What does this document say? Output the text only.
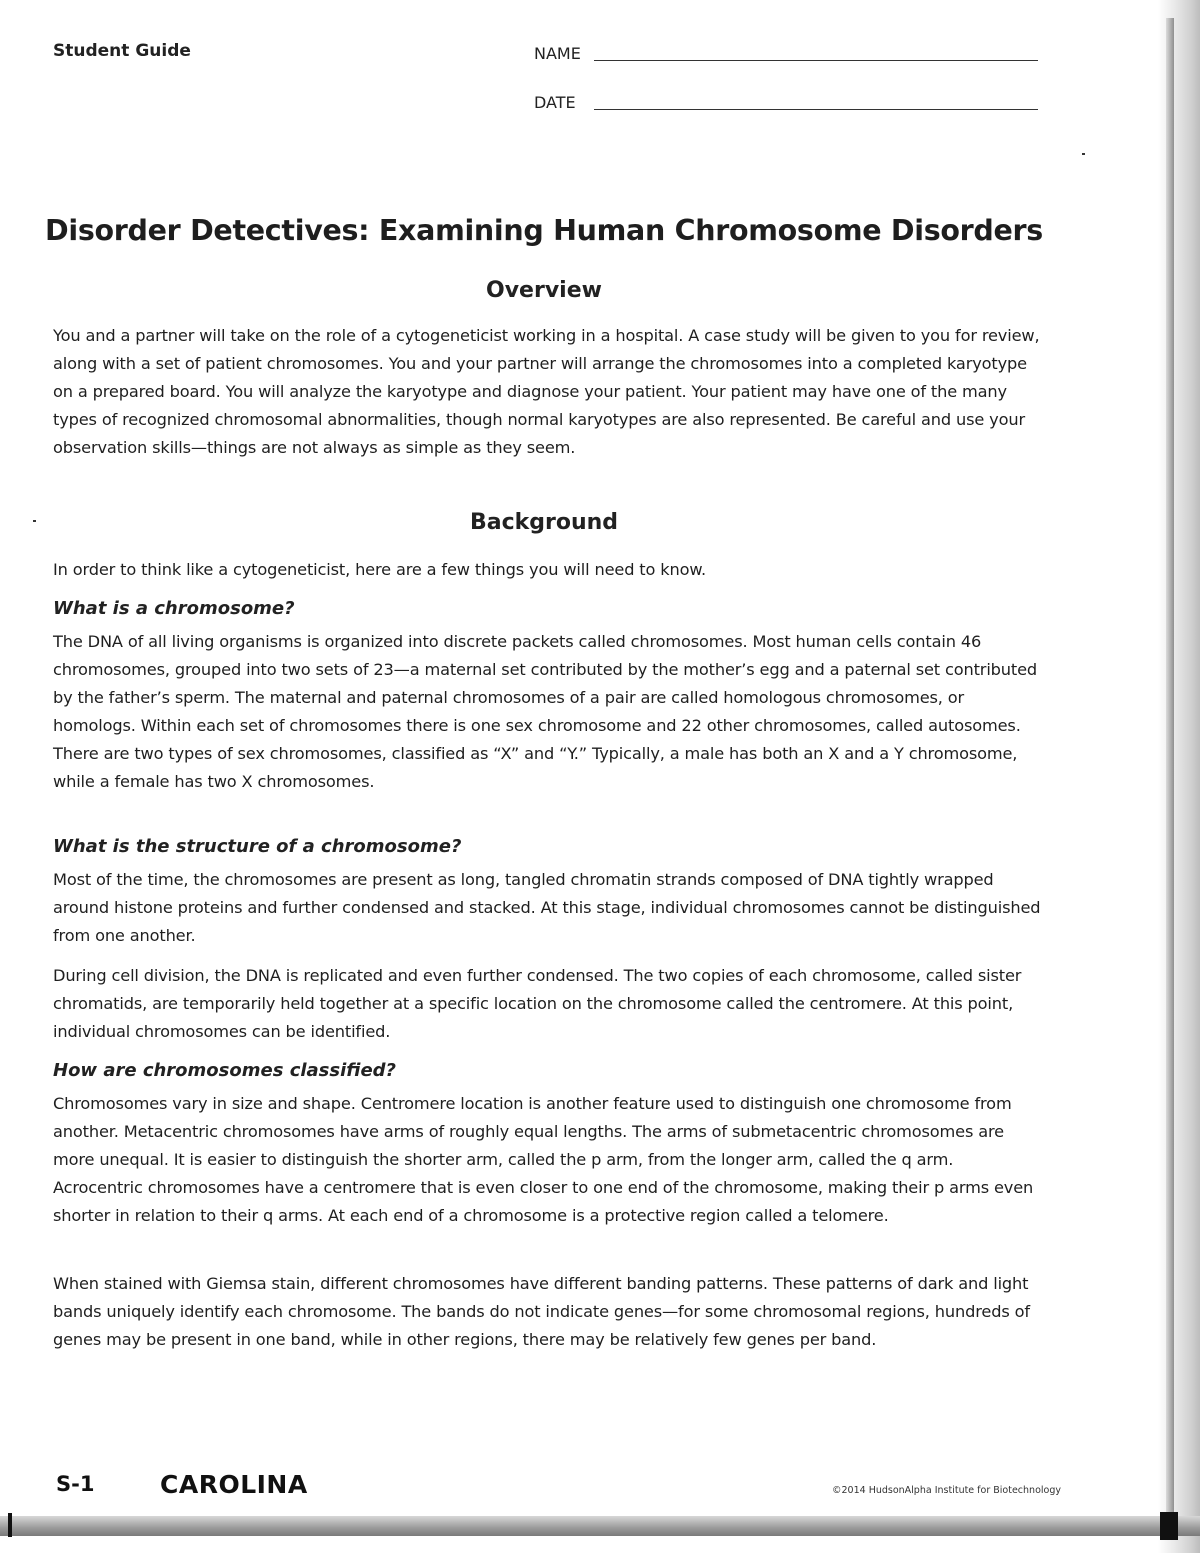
Student Guide	NAME
DATE
Disorder Detectives: Examining Human Chromosome Disorders
Overview

You and a partner will take on the role of a cytogeneticist working in a hospital. A case study will be given to you for review, along with a set of patient chromosomes. You and your partner will arrange the chromosomes into a completed karyotype on a prepared board. You will analyze the karyotype and diagnose your patient. Your patient may have one of the many types of recognized chromosomal abnormalities, though normal karyotypes are also represented. Be careful and use your observation skills—things are not always as simple as they seem.

Background

In order to think like a cytogeneticist, here are a few things you will need to know.

What is a chromosome?

The DNA of all living organisms is organized into discrete packets called chromosomes. Most human cells contain 46 chromosomes, grouped into two sets of 23—a maternal set contributed by the mother’s egg and a paternal set contributed by the father’s sperm. The maternal and paternal chromosomes of a pair are called homologous chromosomes, or homologs. Within each set of chromosomes there is one sex chromosome and 22 other chromosomes, called autosomes. There are two types of sex chromosomes, classified as “X” and “Y.” Typically, a male has both an X and a Y chromosome, while a female has two X chromosomes.

What is the structure of a chromosome?

Most of the time, the chromosomes are present as long, tangled chromatin strands composed of DNA tightly wrapped around histone proteins and further condensed and stacked. At this stage, individual chromosomes cannot be distinguished from one another.

During cell division, the DNA is replicated and even further condensed. The two copies of each chromosome, called sister chromatids, are temporarily held together at a specific location on the chromosome called the centromere. At this point, individual chromosomes can be identified.

How are chromosomes classified?

Chromosomes vary in size and shape. Centromere location is another feature used to distinguish one chromosome from another. Metacentric chromosomes have arms of roughly equal lengths. The arms of submetacentric chromosomes are more unequal. It is easier to distinguish the shorter arm, called the p arm, from the longer arm, called the q arm. Acrocentric chromosomes have a centromere that is even closer to one end of the chromosome, making their p arms even shorter in relation to their q arms. At each end of a chromosome is a protective region called a telomere.

When stained with Giemsa stain, different chromosomes have different banding patterns. These patterns of dark and light bands uniquely identify each chromosome. The bands do not indicate genes—for some chromosomal regions, hundreds of genes may be present in one band, while in other regions, there may be relatively few genes per band.

S-1	CAROLINA	©2014 HudsonAlpha Institute for Biotechnology
